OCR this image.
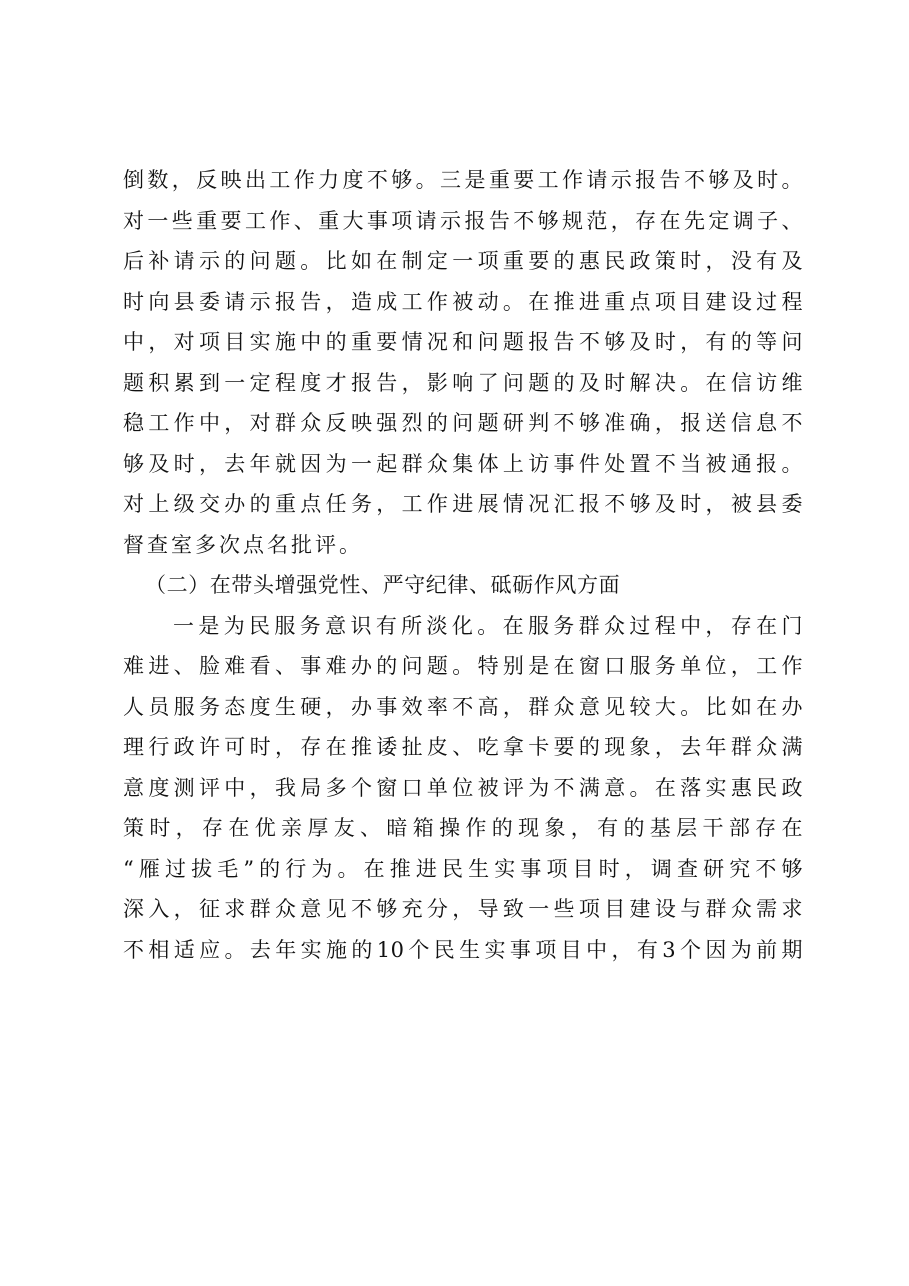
倒数，反映出工作力度不够。三是重要工作请示报告不够及时。
对一些重要工作、重大事项请示报告不够规范，存在先定调子、
后补请示的问题。比如在制定一项重要的惠民政策时，没有及
时向县委请示报告，造成工作被动。在推进重点项目建设过程
中，对项目实施中的重要情况和问题报告不够及时，有的等问
题积累到一定程度才报告，影响了问题的及时解决。在信访维
稳工作中，对群众反映强烈的问题研判不够准确，报送信息不
够及时，去年就因为一起群众集体上访事件处置不当被通报。
对上级交办的重点任务，工作进展情况汇报不够及时，被县委
督查室多次点名批评。
（二）在带头增强党性、严守纪律、砥砺作风方面
一是为民服务意识有所淡化。在服务群众过程中，存在门
难进、脸难看、事难办的问题。特别是在窗口服务单位，工作
人员服务态度生硬，办事效率不高，群众意见较大。比如在办
理行政许可时，存在推诿扯皮、吃拿卡要的现象，去年群众满
意度测评中，我局多个窗口单位被评为不满意。在落实惠民政
策时，存在优亲厚友、暗箱操作的现象，有的基层干部存在
“雁过拔毛”的行为。在推进民生实事项目时，调查研究不够
深入，征求群众意见不够充分，导致一些项目建设与群众需求
不相适应。去年实施的10个民生实事项目中，有3个因为前期
